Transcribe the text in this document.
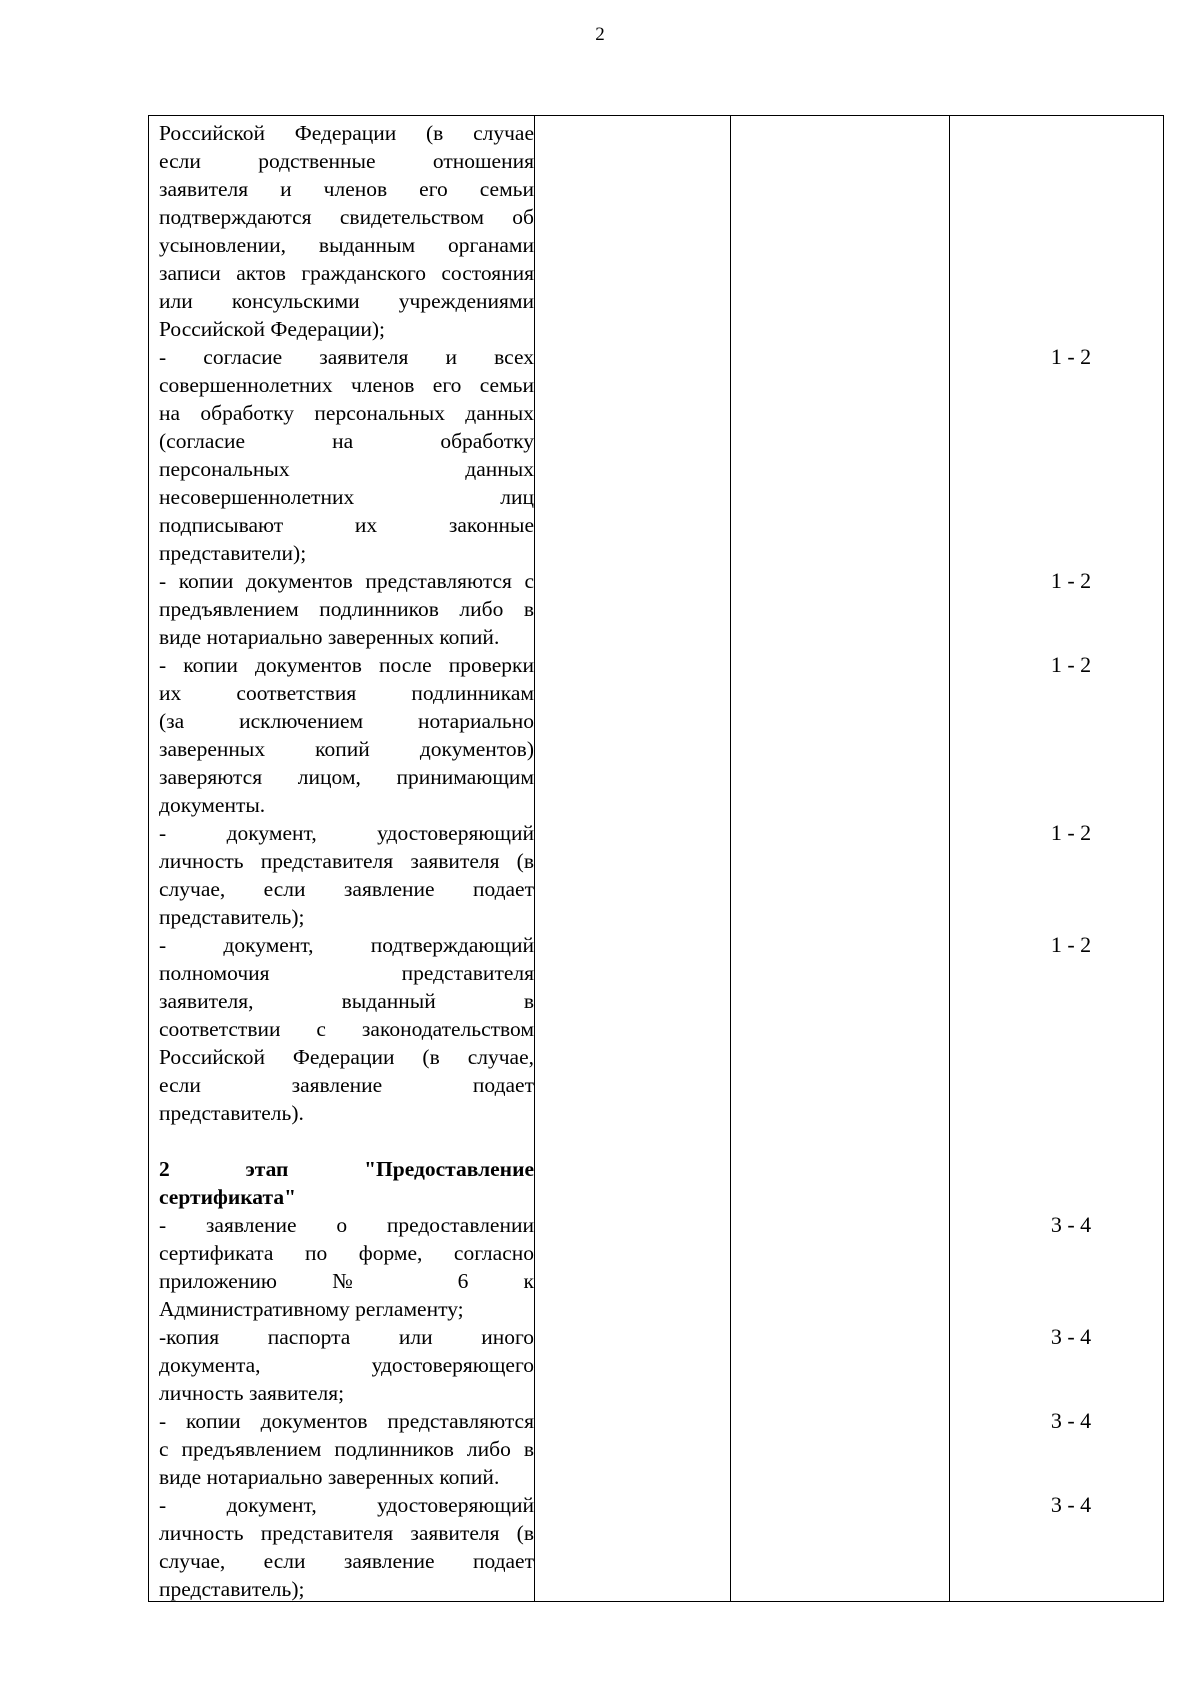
2
Российской Федерации (в случае
если родственные отношения
заявителя и членов его семьи
подтверждаются свидетельством об
усыновлении, выданным органами
записи актов гражданского состояния
или консульскими учреждениями
Российской Федерации);
- согласие заявителя и всех
совершеннолетних членов его семьи
на обработку персональных данных
(согласие на обработку
персональных данных
несовершеннолетних лиц
подписывают их законные
представители);
- копии документов представляются с
предъявлением подлинников либо в
виде нотариально заверенных копий.
- копии документов после проверки
их соответствия подлинникам
(за исключением нотариально
заверенных копий документов)
заверяются лицом, принимающим
документы.
- документ, удостоверяющий
личность представителя заявителя (в
случае, если заявление подает
представитель);
- документ, подтверждающий
полномочия представителя
заявителя, выданный в
соответствии с законодательством
Российской Федерации (в случае,
если заявление подает
представитель).
2 этап "Предоставление
сертификата"
- заявление о предоставлении
сертификата по форме, согласно
приложению № 6 к
Административному регламенту;
-копия паспорта или иного
документа, удостоверяющего
личность заявителя;
- копии документов представляются
с предъявлением подлинников либо в
виде нотариально заверенных копий.
- документ, удостоверяющий
личность представителя заявителя (в
случае, если заявление подает
представитель);
1 - 2
1 - 2
1 - 2
1 - 2
1 - 2
3 - 4
3 - 4
3 - 4
3 - 4
